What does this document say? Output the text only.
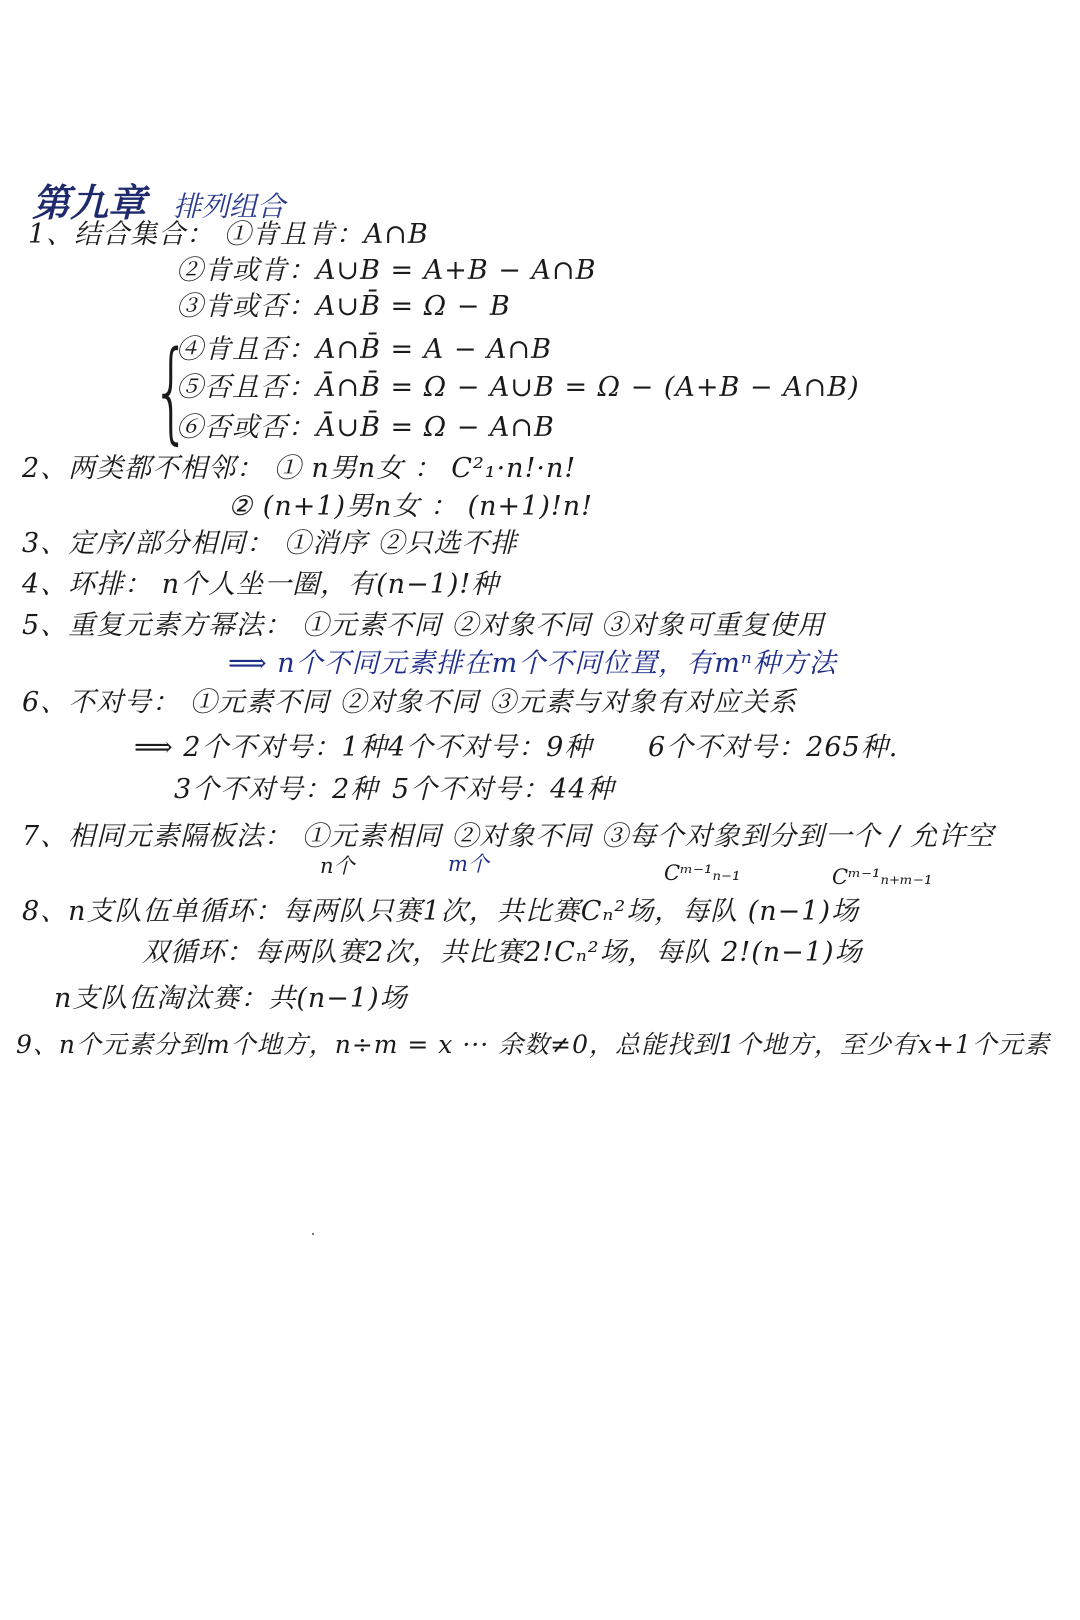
第九章 排列组合
1、结合集合： ①肯且肯：A∩B
②肯或肯：A∪B = A+B − A∩B
③肯或否：A∪B̄ = Ω − B
{
④肯且否：A∩B̄ = A − A∩B
⑤否且否：Ā∩B̄ = Ω − A∪B = Ω − (A+B − A∩B)
⑥否或否：Ā∪B̄ = Ω − A∩B
2、两类都不相邻： ① n男n女 ： C²₁·n!·n!
② (n+1)男n女 ： (n+1)!n!
3、定序/部分相同： ①消序 ②只选不排
4、环排： n个人坐一圈，有(n−1)!种
5、重复元素方幂法： ①元素不同 ②对象不同 ③对象可重复使用
⟹ n个不同元素排在m个不同位置，有mⁿ种方法
6、不对号： ①元素不同 ②对象不同 ③元素与对象有对应关系
⟹ 2个不对号：1种 4个不对号：9种 6个不对号：265种.
3个不对号：2种 5个不对号：44种
7、相同元素隔板法： ①元素相同 ②对象不同 ③每个对象到分到一个 / 允许空
n个	m个	Cᵐ⁻¹ₙ₋₁	Cᵐ⁻¹ₙ₊ₘ₋₁
8、n支队伍单循环：每两队只赛1次，共比赛Cₙ²场，每队 (n−1)场
双循环：每两队赛2次，共比赛2!Cₙ²场，每队 2!(n−1)场
n支队伍淘汰赛：共(n−1)场
9、n个元素分到m个地方，n÷m = x ··· 余数≠0，总能找到1个地方，至少有x+1个元素
